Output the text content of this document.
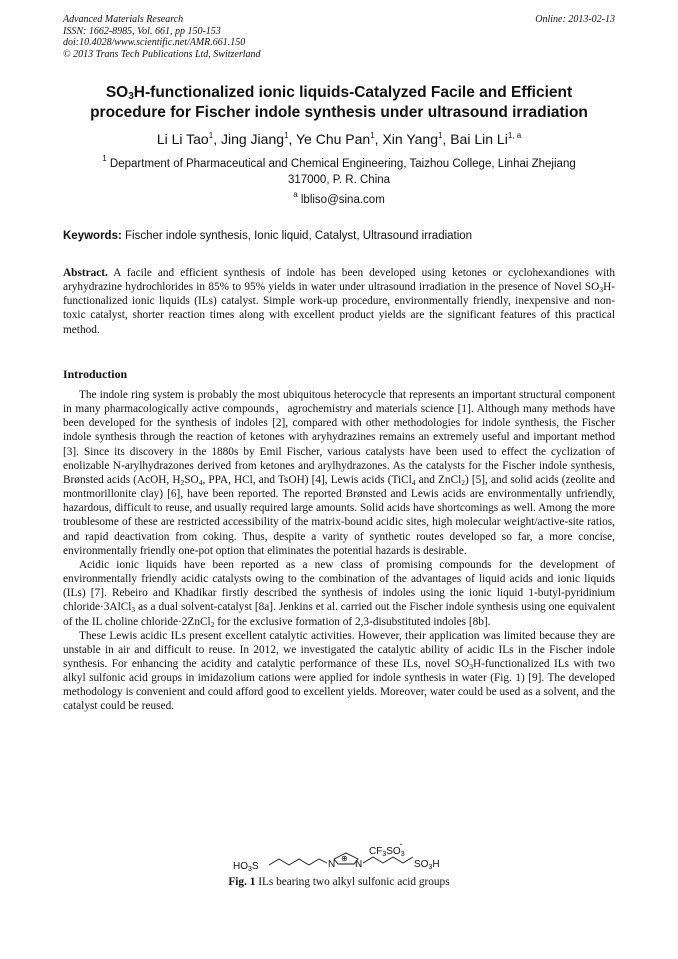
Advanced Materials Research
ISSN: 1662-8985, Vol. 661, pp 150-153
doi:10.4028/www.scientific.net/AMR.661.150
© 2013 Trans Tech Publications Ltd, Switzerland
Online: 2013-02-13
$SO_3H$-functionalized ionic liquids-Catalyzed Facile and Efficient
procedure for Fischer indole synthesis under ultrasound irradiation
Li Li Tao$^1$, Jing Jiang$^1$, Ye Chu Pan$^1$, Xin Yang$^1$, Bai Lin Li$^{1, a}$
$^1$ Department of Pharmaceutical and Chemical Engineering, Taizhou College, Linhai Zhejiang
317000, P. R. China
$^a$ lbliso@sina.com
Keywords: Fischer indole synthesis, Ionic liquid, Catalyst, Ultrasound irradiation

Abstract. A facile and efficient synthesis of indole has been developed using ketones or cyclohexandiones with aryhydrazine hydrochlorides in 85% to 95% yields in water under ultrasound irradiation in the presence of Novel $SO_3H$-functionalized ionic liquids (ILs) catalyst. Simple work-up procedure, environmentally friendly, inexpensive and non-toxic catalyst, shorter reaction times along with excellent product yields are the significant features of this practical method.

Introduction

The indole ring system is probably the most ubiquitous heterocycle that represents an important structural component in many pharmacologically active compounds，agrochemistry and materials science [1]. Although many methods have been developed for the synthesis of indoles [2], compared with other methodologies for indole synthesis, the Fischer indole synthesis through the reaction of ketones with aryhydrazines remains an extremely useful and important method [3]. Since its discovery in the 1880s by Emil Fischer, various catalysts have been used to effect the cyclization of enolizable N-arylhydrazones derived from ketones and arylhydrazones. As the catalysts for the Fischer indole synthesis, Brønsted acids (AcOH, $H_2SO_4$, PPA, HCl, and TsOH) [4], Lewis acids (TiCl$_4$ and ZnCl$_2$) [5], and solid acids (zeolite and montmorillonite clay) [6], have been reported. The reported Brønsted and Lewis acids are environmentally unfriendly, hazardous, difficult to reuse, and usually required large amounts. Solid acids have shortcomings as well. Among the more troublesome of these are restricted accessibility of the matrix-bound acidic sites, high molecular weight/active-site ratios, and rapid deactivation from coking. Thus, despite a varity of synthetic routes developed so far, a more concise, environmentally friendly one-pot option that eliminates the potential hazards is desirable.

Acidic ionic liquids have been reported as a new class of promising compounds for the development of environmentally friendly acidic catalysts owing to the combination of the advantages of liquid acids and ionic liquids (ILs) [7]. Rebeiro and Khadikar firstly described the synthesis of indoles using the ionic liquid 1-butyl-pyridinium chloride·3AlCl$_3$ as a dual solvent-catalyst [8a]. Jenkins et al. carried out the Fischer indole synthesis using one equivalent of the IL choline chloride·2ZnCl$_2$ for the exclusive formation of 2,3-disubstituted indoles [8b].

These Lewis acidic ILs present excellent catalytic activities. However, their application was limited because they are unstable in air and difficult to reuse. In 2012, we investigated the catalytic ability of acidic ILs in the Fischer indole synthesis. For enhancing the acidity and catalytic performance of these ILs, novel $SO_3H$-functionalized ILs with two alkyl sulfonic acid groups in imidazolium cations were applied for indole synthesis in water (Fig. 1) [9]. The developed methodology is convenient and could afford good to excellent yields. Moreover, water could be used as a solvent, and the catalyst could be reused.

$HO_3S$	N
⊕
N
$CF_3SO_3-$
$SO_3H$
Fig. 1 ILs bearing two alkyl sulfonic acid groups
